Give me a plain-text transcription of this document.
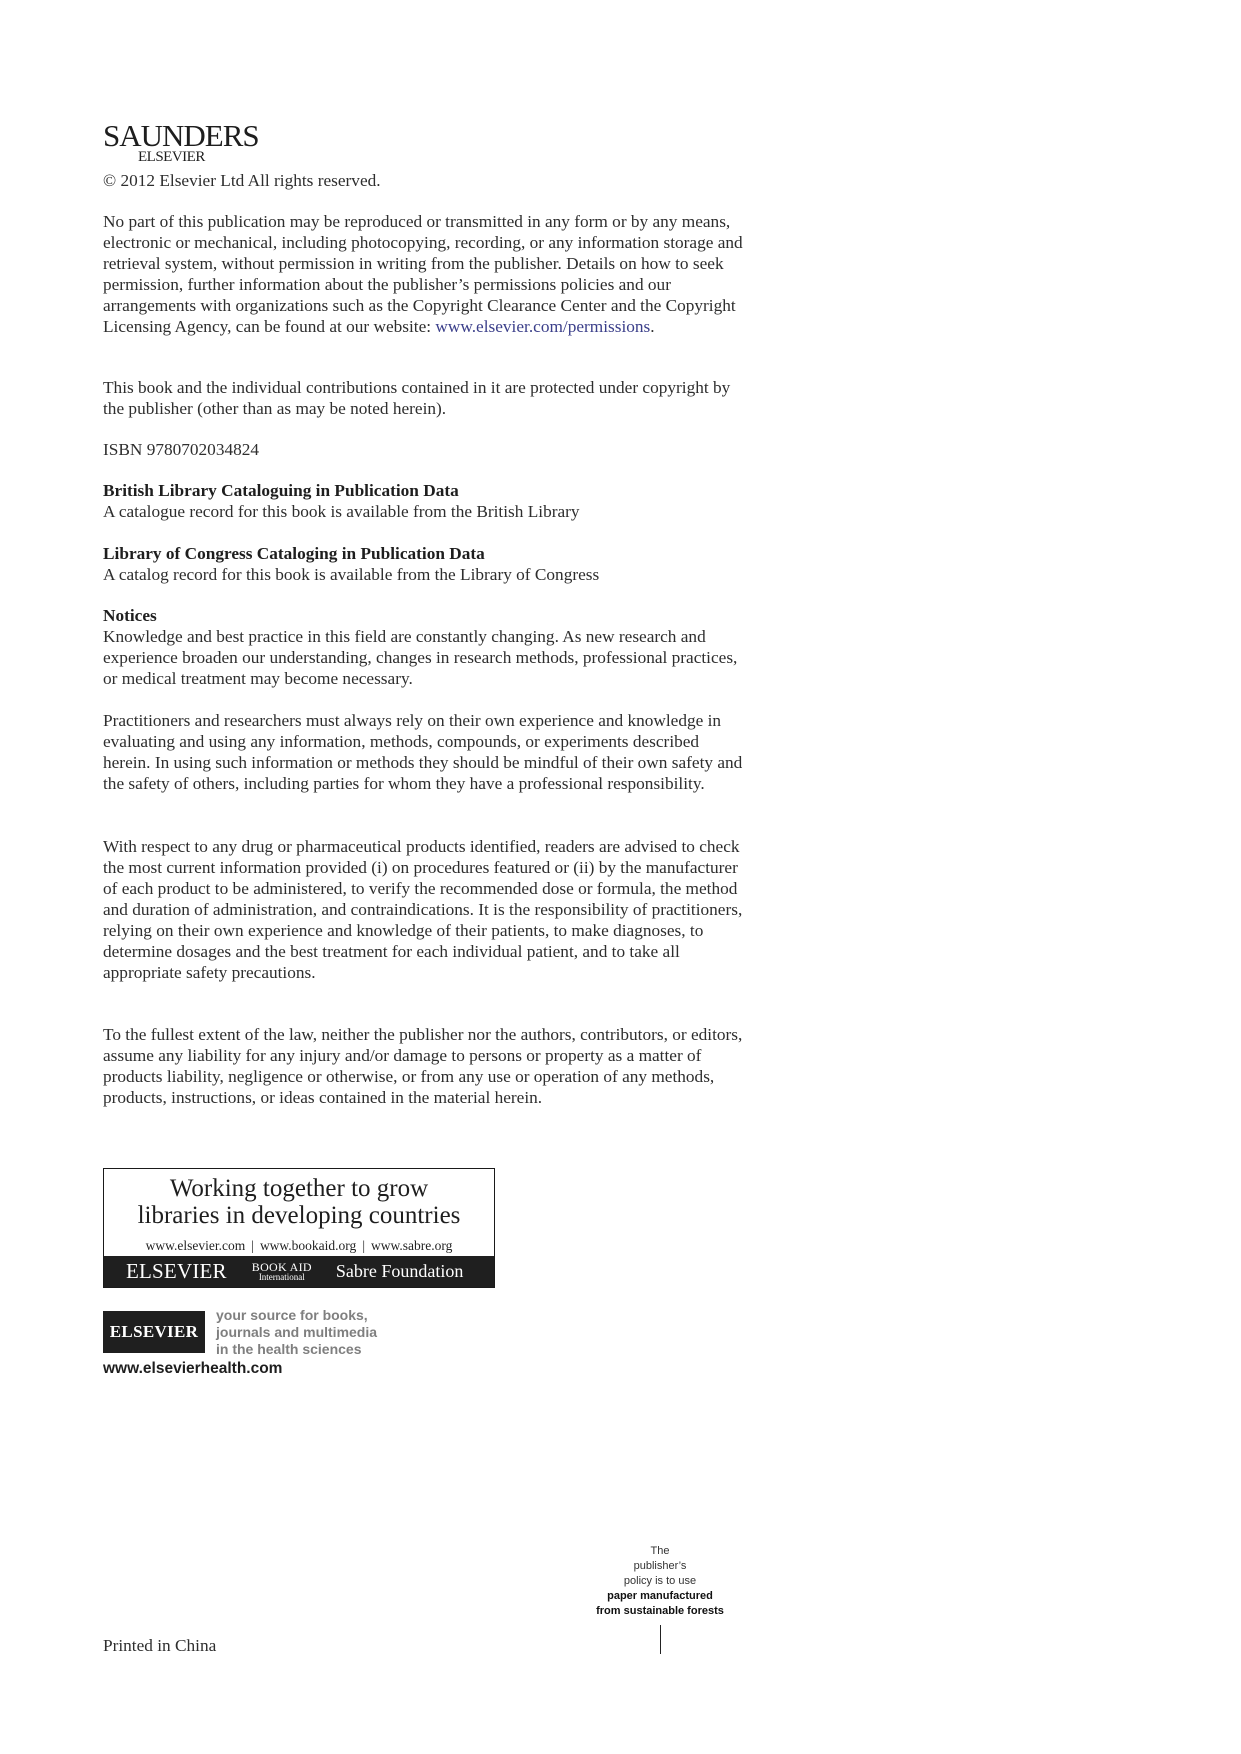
SAUNDERS
ELSEVIER

© 2012 Elsevier Ltd All rights reserved.

No part of this publication may be reproduced or transmitted in any form or by any means, electronic or mechanical, including photocopying, recording, or any information storage and retrieval system, without permission in writing from the publisher. Details on how to seek permission, further information about the publisher’s permissions policies and our arrangements with organizations such as the Copyright Clearance Center and the Copyright Licensing Agency, can be found at our website: www.elsevier.com/permissions.

This book and the individual contributions contained in it are protected under copyright by the publisher (other than as may be noted herein).

ISBN 9780702034824

British Library Cataloguing in Publication Data

A catalogue record for this book is available from the British Library

Library of Congress Cataloging in Publication Data

A catalog record for this book is available from the Library of Congress

Notices

Knowledge and best practice in this field are constantly changing. As new research and experience broaden our understanding, changes in research methods, professional practices, or medical treatment may become necessary.

Practitioners and researchers must always rely on their own experience and knowledge in evaluating and using any information, methods, compounds, or experiments described herein. In using such information or methods they should be mindful of their own safety and the safety of others, including parties for whom they have a professional responsibility.

With respect to any drug or pharmaceutical products identified, readers are advised to check the most current information provided (i) on procedures featured or (ii) by the manufacturer of each product to be administered, to verify the recommended dose or formula, the method and duration of administration, and contraindications. It is the responsibility of practitioners, relying on their own experience and knowledge of their patients, to make diagnoses, to determine dosages and the best treatment for each individual patient, and to take all appropriate safety precautions.

To the fullest extent of the law, neither the publisher nor the authors, contributors, or editors, assume any liability for any injury and/or damage to persons or property as a matter of products liability, negligence or otherwise, or from any use or operation of any methods, products, instructions, or ideas contained in the material herein.

Working together to grow
libraries in developing countries
www.elsevier.com | www.bookaid.org | www.sabre.org
ELSEVIER BOOK AID
International	Sabre Foundation
ELSEVIER
your source for books,
journals and multimedia
in the health sciences
www.elsevierhealth.com
The
publisher’s
policy is to use
paper manufactured
from sustainable forests
Printed in China
